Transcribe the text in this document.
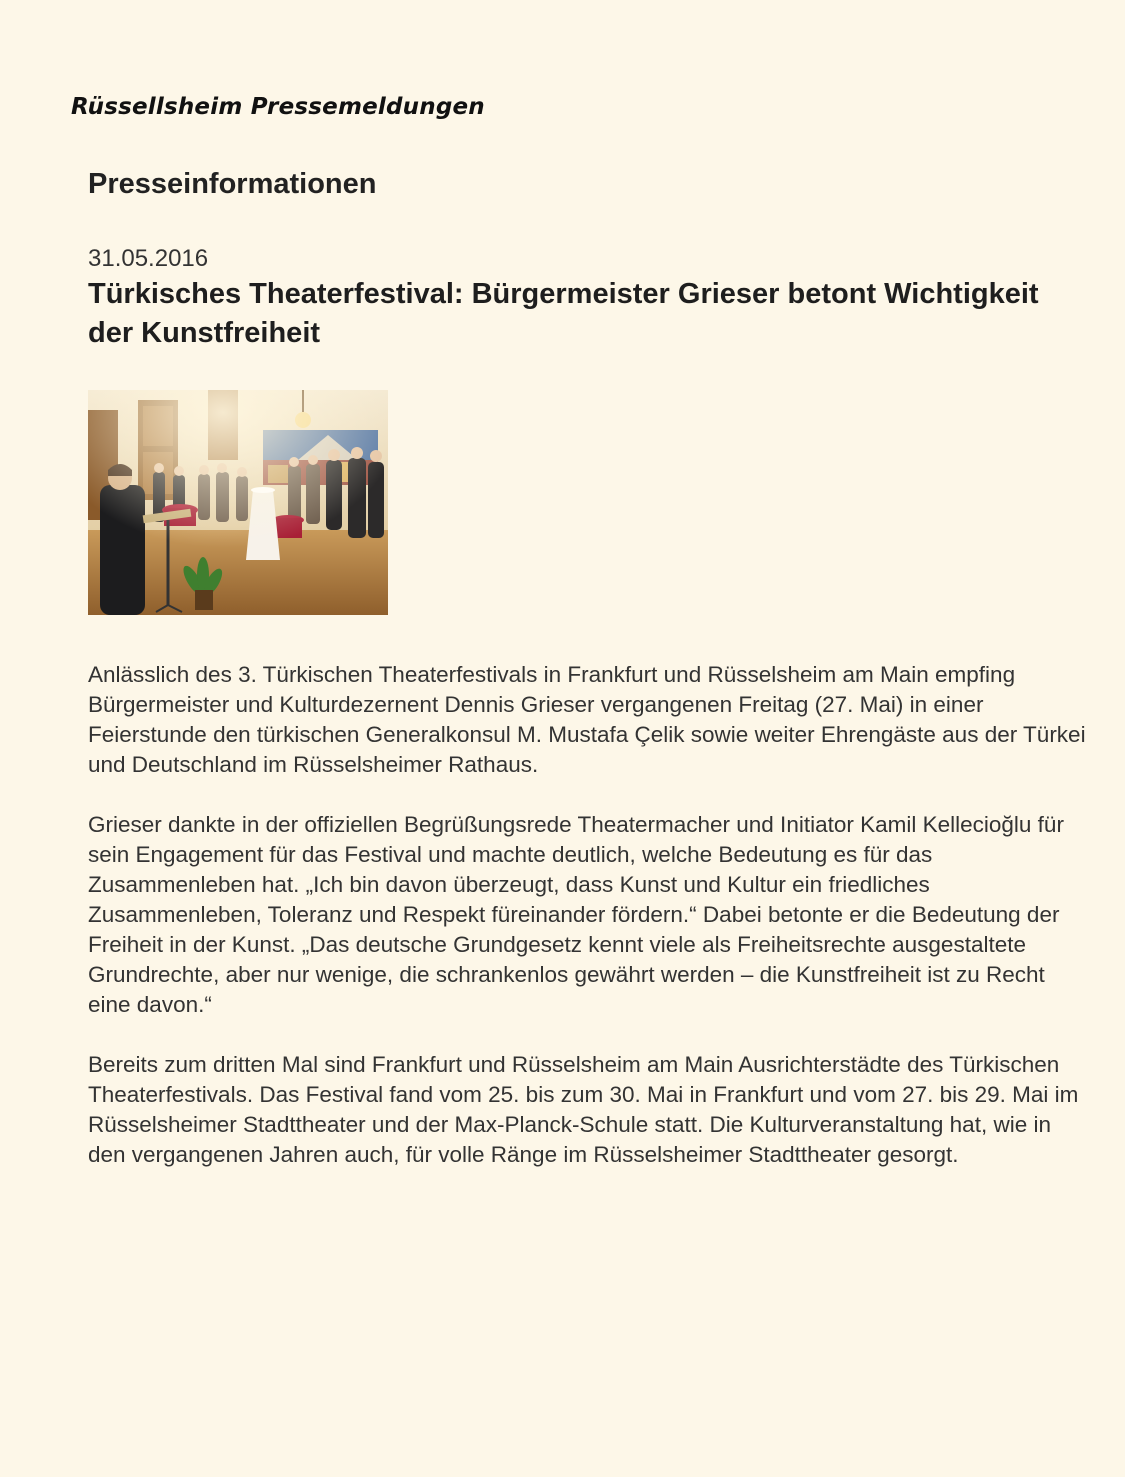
Rüssellsheim Pressemeldungen
Presseinformationen
31.05.2016
Türkisches Theaterfestival: Bürgermeister Grieser betont Wichtigkeit der Kunstfreiheit

Anlässlich des 3. Türkischen Theaterfestivals in Frankfurt und Rüsselsheim am Main empfing Bürgermeister und Kulturdezernent Dennis Grieser vergangenen Freitag (27. Mai) in einer Feierstunde den türkischen Generalkonsul M. Mustafa Çelik sowie weiter Ehrengäste aus der Türkei und Deutschland im Rüsselsheimer Rathaus.

Grieser dankte in der offiziellen Begrüßungsrede Theatermacher und Initiator Kamil Kellecioğlu für sein Engagement für das Festival und machte deutlich, welche Bedeutung es für das Zusammenleben hat. „Ich bin davon überzeugt, dass Kunst und Kultur ein friedliches Zusammenleben, Toleranz und Respekt füreinander fördern.“ Dabei betonte er die Bedeutung der Freiheit in der Kunst. „Das deutsche Grundgesetz kennt viele als Freiheitsrechte ausgestaltete Grundrechte, aber nur wenige, die schrankenlos gewährt werden – die Kunstfreiheit ist zu Recht eine davon.“

Bereits zum dritten Mal sind Frankfurt und Rüsselsheim am Main Ausrichterstädte des Türkischen Theaterfestivals. Das Festival fand vom 25. bis zum 30. Mai in Frankfurt und vom 27. bis 29. Mai im Rüsselsheimer Stadttheater und der Max-Planck-Schule statt. Die Kulturveranstaltung hat, wie in den vergangenen Jahren auch, für volle Ränge im Rüsselsheimer Stadttheater gesorgt.
